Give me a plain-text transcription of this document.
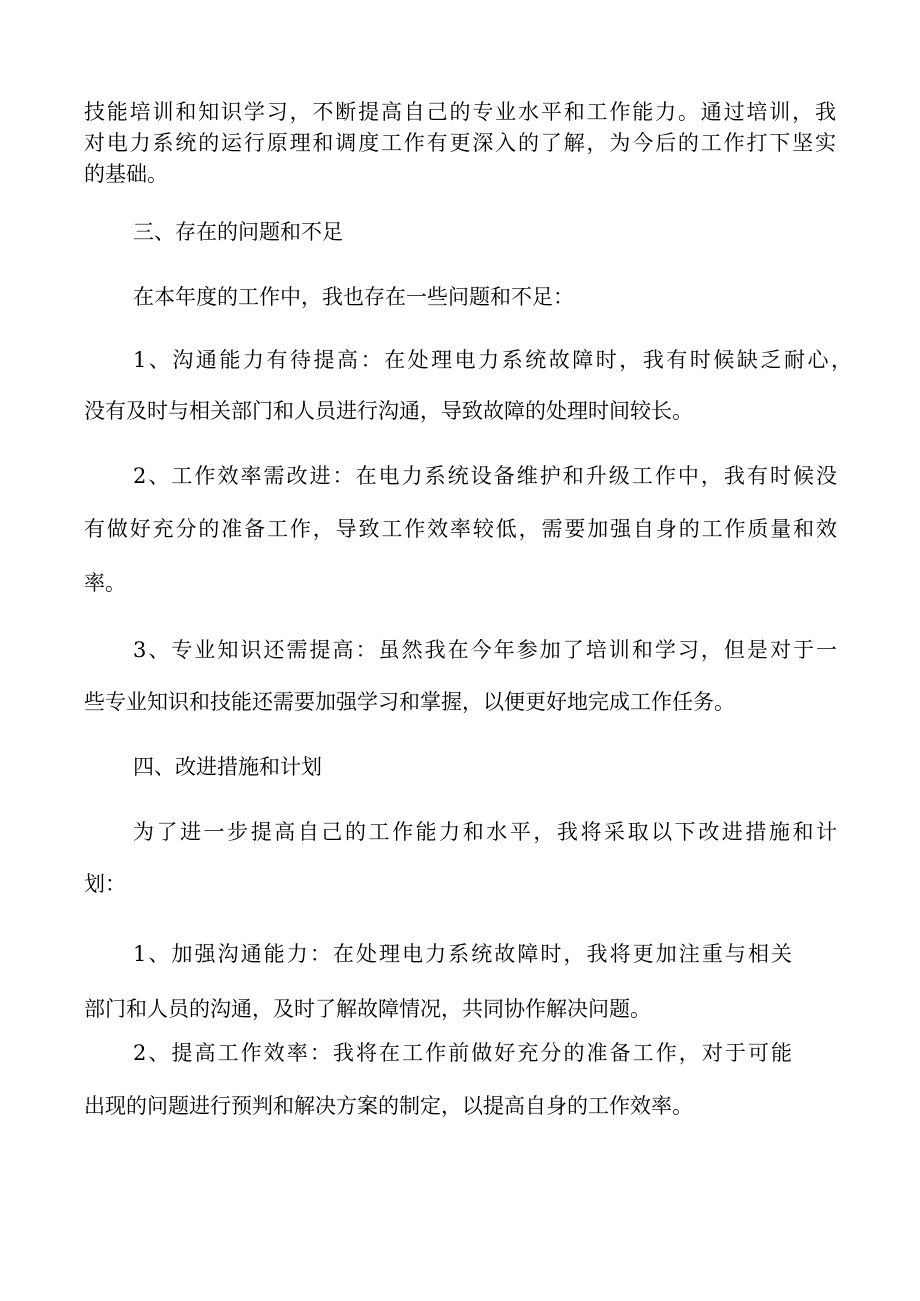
技能培训和知识学习，不断提高自己的专业水平和工作能力。通过培训，我
对电力系统的运行原理和调度工作有更深入的了解，为今后的工作打下坚实
的基础。
三、存在的问题和不足
在本年度的工作中，我也存在一些问题和不足：
1、沟通能力有待提高：在处理电力系统故障时，我有时候缺乏耐心，
没有及时与相关部门和人员进行沟通，导致故障的处理时间较长。
2、工作效率需改进：在电力系统设备维护和升级工作中，我有时候没
有做好充分的准备工作，导致工作效率较低，需要加强自身的工作质量和效
率。
3、专业知识还需提高：虽然我在今年参加了培训和学习，但是对于一
些专业知识和技能还需要加强学习和掌握，以便更好地完成工作任务。
四、改进措施和计划
为了进一步提高自己的工作能力和水平，我将采取以下改进措施和计
划：
1、加强沟通能力：在处理电力系统故障时，我将更加注重与相关
部门和人员的沟通，及时了解故障情况，共同协作解决问题。
2、提高工作效率：我将在工作前做好充分的准备工作，对于可能
出现的问题进行预判和解决方案的制定，以提高自身的工作效率。
